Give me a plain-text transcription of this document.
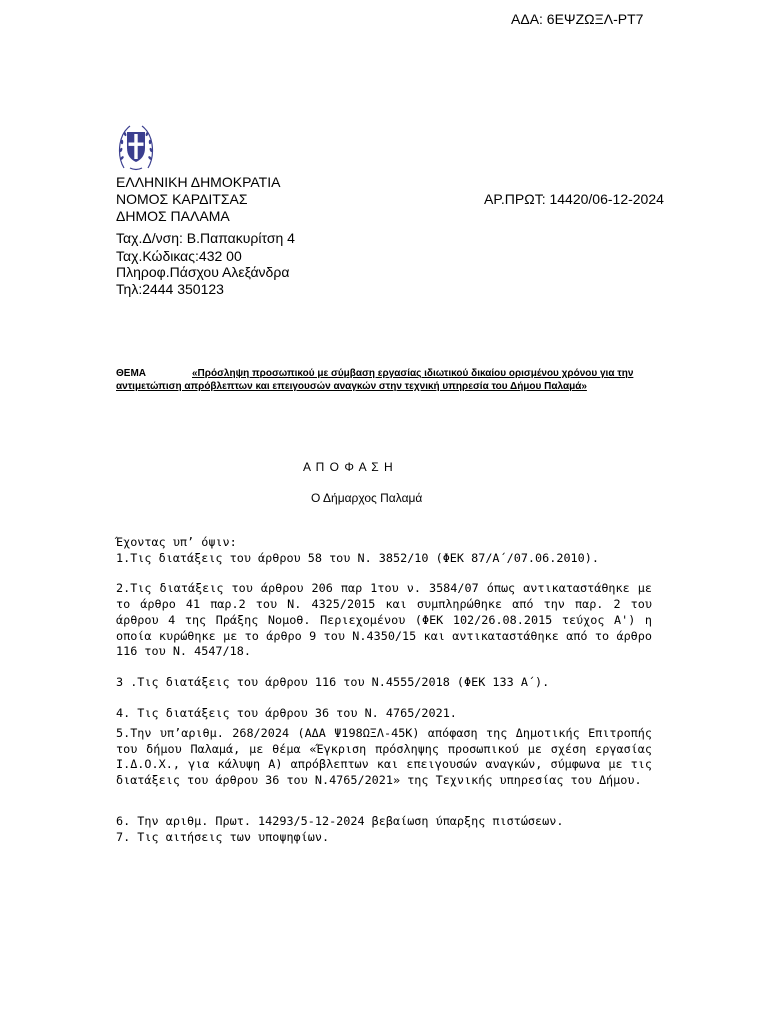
ΑΔΑ: 6ΕΨΖΩΞΛ-ΡΤ7
ΕΛΛΗΝΙΚΗ ΔΗΜΟΚΡΑΤΙΑ
ΝΟΜΟΣ ΚΑΡΔΙΤΣΑΣ
ΔΗΜΟΣ ΠΑΛΑΜΑ
ΑΡ.ΠΡΩΤ: 14420/06-12-2024
Ταχ.Δ/νση: Β.Παπακυρίτση 4
Ταχ.Κώδικας:432 00
Πληροφ.Πάσχου Αλεξάνδρα
Τηλ:2444 350123
ΘΕΜΑ	«Πρόσληψη προσωπικού με σύμβαση εργασίας ιδιωτικού δικαίου ορισμένου χρόνου για την αντιμετώπιση απρόβλεπτων και επειγουσών αναγκών στην τεχνική υπηρεσία του Δήμου Παλαμά»
Α Π Ο Φ Α Σ Η
Ο Δήμαρχος Παλαμά

Έχοντας υπ’ όψιν:

1.Τις διατάξεις του άρθρου 58 του Ν. 3852/10 (ΦΕΚ 87/Α΄/07.06.2010).

2.Τις διατάξεις του άρθρου 206 παρ 1του ν. 3584/07 όπως αντικαταστάθηκε με το άρθρο 41 παρ.2 του Ν. 4325/2015 και συμπληρώθηκε από την παρ. 2 του άρθρου 4 της Πράξης Νομοθ. Περιεχομένου (ΦΕΚ 102/26.08.2015 τεύχος Α') η οποία κυρώθηκε με το άρθρο 9 του Ν.4350/15 και αντικαταστάθηκε από το άρθρο 116 του Ν. 4547/18.

3 .Τις διατάξεις του άρθρου 116 του Ν.4555/2018 (ΦΕΚ 133 Α΄).

4. Τις διατάξεις του άρθρου 36 του Ν. 4765/2021.

5.Την υπ’αριθμ. 268/2024 (ΑΔΑ Ψ198ΩΞΛ-45Κ) απόφαση της Δημοτικής Επιτροπής του δήμου Παλαμά, με θέμα «Έγκριση πρόσληψης προσωπικού με σχέση εργασίας Ι.Δ.Ο.Χ., για κάλυψη Α) απρόβλεπτων και επειγουσών αναγκών, σύμφωνα με τις διατάξεις του άρθρου 36 του Ν.4765/2021» της Τεχνικής υπηρεσίας του Δήμου.

6. Την αριθμ. Πρωτ. 14293/5-12-2024 βεβαίωση ύπαρξης πιστώσεων.

7. Τις αιτήσεις των υποψηφίων.
